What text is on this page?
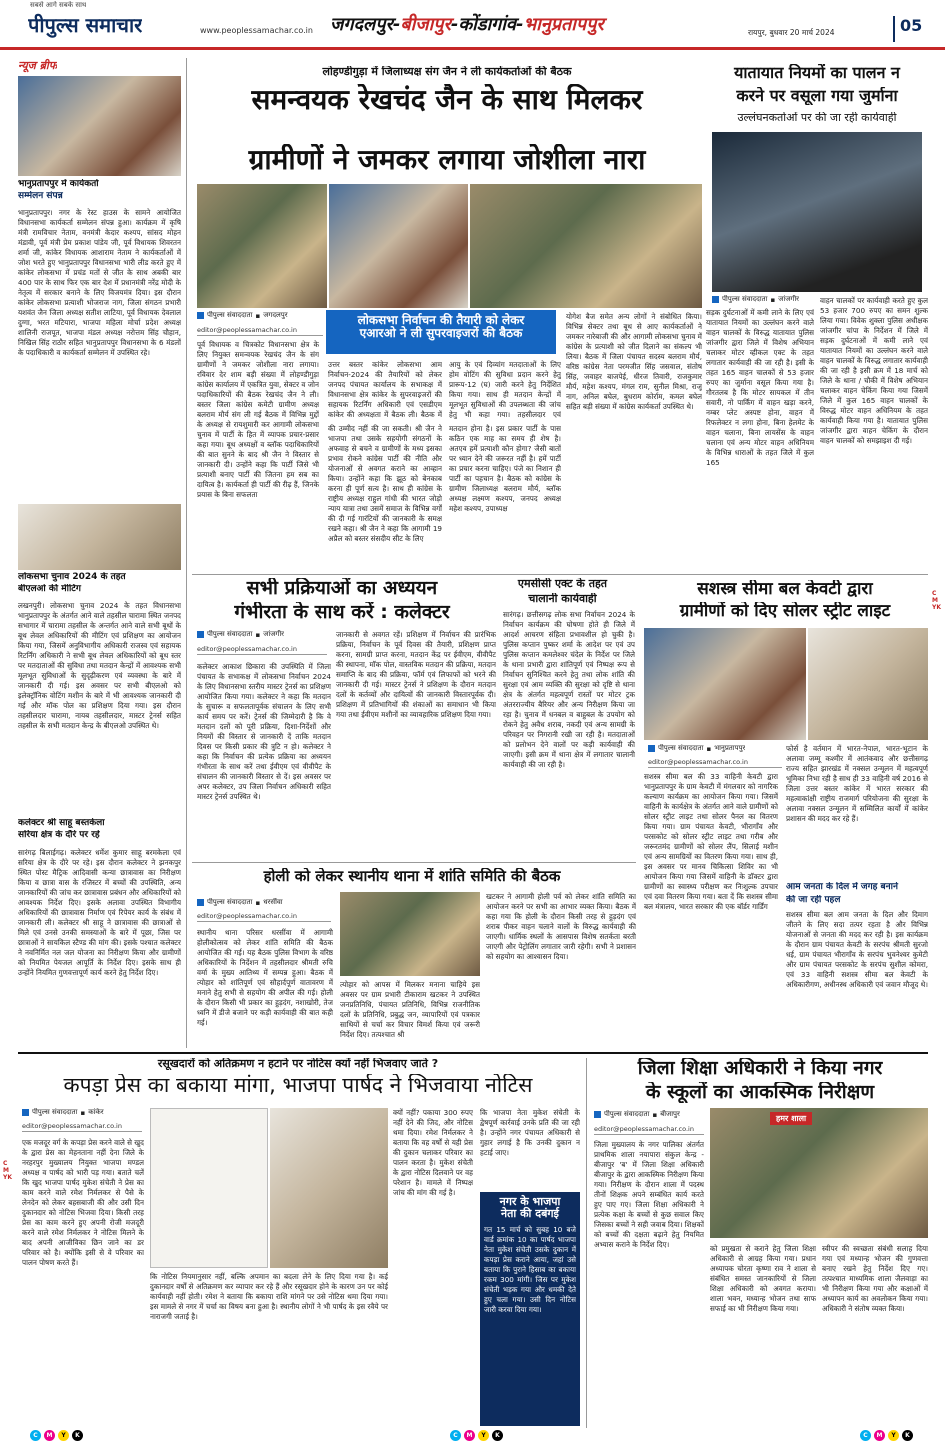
सबसे आगे सबके साथ
पीपुल्स समाचार	www.peoplessamachar.co.in जगदलपुर-बीजापुर-कोंडागांव-भानुप्रतापपुर	रायपुर, बुधवार 20 मार्च 2024	05
न्यूज ब्रीफ
भानुप्रतापपुर में कार्यकर्ता
सम्मेलन संपन्न
भानुप्रतापपुर। नगर के रेस्ट हाउस के सामने आयोजित विधानसभा कार्यकर्ता सम्मेलन संपन्न हुआ। कार्यक्रम में कृषि मंत्री रामविचार नेताम, वनमंत्री केदार कश्यप, सांसद मोहन मंडावी, पूर्व मंत्री प्रेम प्रकाश पांडेय जी, पूर्व विधायक शिवरतन शर्मा जी, कांकेर विधायक आशाराम नेताम ने कार्यकर्ताओं में जोश भरते हुए भानुप्रतापपुर विधानसभा भारी लीड करते हुए में कांकेर लोकसभा में प्रचंड मतों से जीत के साथ अबकी बार 400 पार के साथ फिर एक बार देश में प्रधानमंत्री नरेंद्र मोदी के नेतृत्व में सरकार बनाने के लिए विजयमंत्र दिया। इस दौरान कांकेर लोकसभा प्रत्याशी भोजराज नाग, जिला संगठन प्रभारी यशवंत जैन जिला अध्यक्ष सतीश लाटिया, पूर्व विधायक देवलाल दुग्गा, भरत मटियारा, भाजपा महिला मोर्चा प्रदेश अध्यक्ष शालिनी राजपूत, भाजपा मंडल अध्यक्ष नरोत्तम सिंह चौहान, निखिल सिंह राठौर सहित भानुप्रतापपुर विधानसभा के 6 मंडलों के पदाधिकारी व कार्यकर्ता सम्मेलन में उपस्थित रहे।
लोकसभा चुनाव 2024 के तहत
बीएलओ की मीटिंग
लखनपुरी। लोकसभा चुनाव 2024 के तहत विधानसभा भानुप्रतापपुर के अंतर्गत आने वाले तहसील चारामा स्थित जनपद सभागार में चारामा तहसील के अन्तर्गत आने वाले सभी बूथों के बूथ लेवल अधिकारियों की मीटिंग एवं प्रशिक्षण का आयोजन किया गया, जिसमें अनुविभागीय अधिकारी राजस्व एवं सहायक रिटर्निंग अधिकारी ने सभी बूथ लेवल अधिकारियों को बूथ स्तर पर मतदाताओं की सुविधा तथा मतदान केन्द्रों में आवश्यक सभी मूलभूत सुविधाओं के सुदृढ़ीकरण एवं व्यवस्था के बारे में जानकारी दी गई। इस अवसर पर सभी बीएलओ को इलेक्ट्रॉनिक वोटिंग मशीन के बारे में भी आवश्यक जानकारी दी गई और मॉक पोल का प्रशिक्षण दिया गया। इस दौरान तहसीलदार चारामा, नायब तहसीलदार, मास्टर ट्रेनर्स सहित तहसील के सभी मतदान केन्द्र के बीएलओ उपस्थित थे।
कलेक्टर श्री साहू बस्तकेला
सरिया क्षेत्र के दौरे पर रहे
सारंगढ़ बिलाईगढ़। कलेक्टर धर्मेश कुमार साहू बरमकेला एवं सरिया क्षेत्र के दौरे पर रहे। इस दौरान कलेक्टर ने झनकपुर स्थित पोस्ट मैट्रिक आदिवासी कन्या छात्रावास का निरीक्षण किया व छात्रा वास के रजिस्टर में बच्चों की उपस्थिति, अन्य जानकारियों की जांच कर छात्रावास प्रबंधन और अधिकारियों को आवश्यक निर्देश दिए। इसके अलावा उपस्थित विभागीय अधिकारियों की छात्रावास निर्माण एवं रिपेयर कार्य के संबंध में जानकारी ली। कलेक्टर श्री साहू ने छात्रावास की छात्राओं से मिले एवं उनसे उनकी समस्याओं के बारे में पूछा, जिस पर छात्राओं ने सायकिल स्टैण्ड की मांग की। इसके पश्चात कलेक्टर ने नवनिर्मित नल जल योजना का निरीक्षण किया और ग्रामीणों को नियमित पेयजल आपूर्ति के निर्देश दिए। इसके साथ ही उन्होंने नियमित गुणवत्तापूर्ण कार्य करने हेतु निर्देश दिए।
लोहण्डीगुड़ा में जिलाध्यक्ष संग जैन ने ली कार्यकर्ताओं की बैठक
समन्वयक रेखचंद जैन के साथ मिलकर
ग्रामीणों ने जमकर लगाया जोशीला नारा
पीपुल्स संवाददाता ▪ जगदलपुर
editor@peoplessamachar.co.in
लोकसभा निर्वाचन की तैयारी को लेकर
एआरओ ने ली सुपरवाइजरों की बैठक
पूर्व विधायक व चित्रकोट विधानसभा क्षेत्र के लिए नियुक्त समन्वयक रेखचंद जैन के संग ग्रामीणों ने जमकर जोशीला नारा लगाया। रविवार देर शाम बड़ी संख्या में लोहण्डीगुड़ा कांग्रेस कार्यालय में एकत्रित युवा, सेक्टर व जोन पदाधिकारियों की बैठक रेखचंद जैन ने ली। बस्तर जिला कांग्रेस कमेटी ग्रामीण अध्यक्ष बलराम मौर्य संग ली गई बैठक में विभिन्न मुद्दों के अध्यक्ष से रायशुमारी कर आगामी लोकसभा चुनाव में पार्टी के हित में व्यापक प्रचार-प्रसार कहा गया। बूथ अध्यक्षों व ब्लॉक पदाधिकारियों की बात सुनने के बाद श्री जैन ने विस्तार से जानकारी दी। उन्होंने कहा कि पार्टी जिसे भी प्रत्याशी बनाए पार्टी की जितना हम सब का दायित्व है। कार्यकर्ता ही पार्टी की रीढ़ हैं, जिनके प्रयास के बिना सफलता
उत्तर बस्तर कांकेर लोकसभा आम निर्वाचन-2024 की तैयारियों को लेकर जनपद पंचायत कार्यालय के सभाकक्ष में विधानसभा क्षेत्र कांकेर के सुपरवाइजरों की सहायक रिटर्निंग अधिकारी एवं एसडीएम कांकेर की अध्यक्षता में बैठक ली। बैठक में
आयु के एवं दिव्यांग मतदाताओं के लिए होम वोटिंग की सुविधा प्रदान करने हेतु प्रारूप-12 (घ) जारी करने हेतु निर्देशित किया गया। साथ ही मतदान केन्द्रों में मूलभूत सुविधाओं की उपलब्धता की जांच हेतु भी कहा गया। तहसीलदार एवं
की उम्मीद नहीं की जा सकती। श्री जैन ने भाजपा तथा उसके सहयोगी संगठनों के अफवाह से बचने व ग्रामीणों के मध्य इसका प्रभाव रोकने कांग्रेस पार्टी की नीति और योजनाओं से अवगत कराने का आव्हान किया। उन्होंने कहा कि झूठ को बेनकाब करना ही पूर्ण सत्य है। साथ ही कांग्रेस के राष्ट्रीय अध्यक्ष राहुल गांधी की भारत जोड़ो न्याय यात्रा तथा उसमें समाज के विभिन्न वर्गों की दी गई गारंटियों की जानकारी के समक्ष रखने कहा। श्री जैन ने कहा कि आगामी 19 अप्रैल को बस्तर संसदीय सीट के लिए
मतदान होना है। इस प्रकार पार्टी के पास कठिन एक माह का समय ही शेष है। अतएव हमें प्रत्याशी कौन होगा? जैसी बातों पर ध्यान देने की जरूरत नहीं है। हमें पार्टी का प्रचार करना चाहिए। पंजे का निशान ही पार्टी का पहचान है। बैठक को कांग्रेस के ग्रामीण जिलाध्यक्ष बलराम मौर्य, ब्लॉक अध्यक्ष लक्ष्मण कश्यप, जनपद अध्यक्ष महेश कश्यप, उपाध्यक्ष
योगेश बैज समेत अन्य लोगों ने संबोधित किया। विभिन्न सेक्टर तथा बूथ से आए कार्यकर्ताओं ने जमकर नारेबाजी की और आगामी लोकसभा चुनाव में कांग्रेस के प्रत्याशी को जीत दिलाने का संकल्प भी लिया। बैठक में जिला पंचायत सदस्य बलराम मौर्य, वरिष्ठ कांग्रेस नेता परमजीत सिंह जसवाल, संतोष सिंह, जवाहर बाजपेई, धीरज तिवारी, राजकुमार मौर्य, महेश कश्यप, मंगल राम, सुनील मिश्रा, राजू नाग, अनिल बघेल, बुधराम कोर्राम, कमल बघेल सहित बड़ी संख्या में कांग्रेस कार्यकर्ता उपस्थित थे।
यातायात नियमों का पालन न
करने पर वसूला गया जुर्माना
उल्लंघनकर्ताओं पर की जा रही कार्यवाही
पीपुल्स संवाददाता ▪ जांजगीर
सड़क दुर्घटनाओं में कमी लाने के लिए एवं यातायात नियमों का उल्लंघन करने वाले वाहन चालकों के विरुद्ध यातायात पुलिस जांजगीर द्वारा जिले में विशेष अभियान चलाकर मोटर व्हीकल एक्ट के तहत लगातार कार्यवाही की जा रही है। इसी के तहत 165 वाहन चालकों से 53 हजार रुपए का जुर्माना वसूल किया गया है। गौरतलब है कि मोटर सायकल में तीन सवारी, नो पार्किंग में वाहन खड़ा करने, नम्बर प्लेट अस्पष्ट होना, वाहन में रिफलेक्टर न लगा होना, बिना हेलमेट के वाहन चलाना, बिना लायसेंस के वाहन चलाना एवं अन्य मोटर वाहन अधिनियम के विभिन्न धाराओं के तहत जिले में कुल 165
वाहन चालकों पर कार्यवाही करते हुए कुल 53 हजार 700 रुपए का समन शुल्क लिया गया। विवेक शुक्ला पुलिस अधीक्षक जांजगीर चांपा के निर्देशन में जिले में सड़क दुर्घटनाओं में कमी लाने एवं यातायात नियमों का उल्लंघन करने वाले वाहन चालकों के विरुद्ध लगातार कार्यवाही की जा रही है इसी क्रम में 18 मार्च को जिले के थाना / चौकी में विशेष अभियान चलाकर वाहन चेकिंग किया गया जिसमें जिले में कुल 165 वाहन चालकों के विरुद्ध मोटर वाहन अधिनियम के तहत कार्यवाही किया गया है। यातायात पुलिस जांजगीर द्वारा वाहन चेकिंग के दौरान वाहन चालकों को समझाइश दी गई।
सभी प्रक्रियाओं का अध्ययन
गंभीरता के साथ करें : कलेक्टर
पीपुल्स संवाददाता ▪ जांजगीर
editor@peoplessamachar.co.in
कलेक्टर आकाश छिकारा की उपस्थिति में जिला पंचायत के सभाकक्ष में लोकसभा निर्वाचन 2024 के लिए विधानसभा स्तरीय मास्टर ट्रेनर्स का प्रशिक्षण आयोजित किया गया। कलेक्टर ने कहा कि मतदान के सुचारू व सफलतापूर्वक संचालन के लिए सभी कार्य समय पर करें। ट्रेनर्स की जिम्मेदारी है कि वे मतदान दलों को पूरी प्रक्रिया, दिशा-निर्देशों और नियमों की विस्तार से जानकारी दें ताकि मतदान दिवस पर किसी प्रकार की त्रुटि न हो। कलेक्टर ने कहा कि निर्वाचन की प्रत्येक प्रक्रिया का अध्ययन गंभीरता के साथ करें तथा ईवीएम एवं वीवीपैट के संचालन की जानकारी विस्तार से दें। इस अवसर पर अपर कलेक्टर, उप जिला निर्वाचन अधिकारी सहित मास्टर ट्रेनर्स उपस्थित थे।
जानकारी से अवगत रहें। प्रशिक्षण में निर्वाचन की प्रारंभिक प्रक्रिया, निर्वाचन के पूर्व दिवस की तैयारी, प्रशिक्षण प्राप्त करना, सामग्री प्राप्त करना, मतदान केंद्र पर ईवीएम, वीवीपैट की स्थापना, मॉक पोल, वास्तविक मतदान की प्रक्रिया, मतदान समाप्ति के बाद की प्रक्रिया, फॉर्म एवं लिफाफों को भरने की जानकारी दी गई। मास्टर ट्रेनर्स ने प्रशिक्षण के दौरान मतदान दलों के कर्तव्यों और दायित्वों की जानकारी विस्तारपूर्वक दी। प्रशिक्षण में प्रतिभागियों की शंकाओं का समाधान भी किया गया तथा ईवीएम मशीनों का व्यावहारिक प्रशिक्षण दिया गया।
एमसीसी एक्ट के तहत
चालानी कार्यवाही
सारंगढ़। छत्तीसगढ़ लोक सभा निर्वाचन 2024 के निर्वाचन कार्यक्रम की घोषणा होते ही जिले में आदर्श आचरण संहिता प्रभावशील हो चुकी है। पुलिस कप्तान पुष्कर शर्मा के आदेश पर एवं उप पुलिस कप्तान कमलेश्वर चंदेल के निर्देश पर जिले के थाना प्रभारी द्वारा शांतिपूर्ण एवं निष्पक्ष रूप से निर्वाचन सुनिश्चित करने हेतु तथा लोक शांति की सुरक्षा एवं आम व्यक्ति की सुरक्षा को दृष्टि से थाना क्षेत्र के अंतर्गत महत्वपूर्ण रास्तों पर मोटर ट्रक अंतरराज्यीय बैरियर और अन्य निरीक्षण किया जा रहा है। चुनाव में धनबल व बाहुबल के उपयोग को रोकने हेतु अवैध शराब, नकदी एवं अन्य सामग्री के परिवहन पर निगरानी रखी जा रही है। मतदाताओं को प्रलोभन देने वालों पर कड़ी कार्यवाही की जाएगी। इसी क्रम में थाना क्षेत्र में लगातार चालानी कार्यवाही की जा रही है।
सशस्त्र सीमा बल केवटी द्वारा
ग्रामीणों को दिए सोलर स्ट्रीट लाइट
पीपुल्स संवाददाता ▪ भानुप्रतापपुर
editor@peoplessamachar.co.in
सशस्त्र सीमा बल की 33 वाहिनी केवटी द्वारा भानुप्रतापपुर के ग्राम केवटी में मंगलवार को नागरिक कल्याण कार्यक्रम का आयोजन किया गया। जिसमें वाहिनी के कार्यक्षेत्र के अंतर्गत आने वाले ग्रामीणों को सोलर स्ट्रीट लाइट तथा सोलर पैनल का वितरण किया गया। ग्राम पंचायत केवटी, भीरागाँव और परसकोट को सोलर स्ट्रीट लाइट तथा गरीब और जरूरतमंद ग्रामीणों को सोलर लैंप, सिलाई मशीन एवं अन्य सामग्रियों का वितरण किया गया। साथ ही, इस अवसर पर मानव चिकित्सा शिविर का भी आयोजन किया गया जिसमें वाहिनी के डॉक्टर द्वारा ग्रामीणों का स्वास्थ्य परीक्षण कर निःशुल्क उपचार एवं दवा वितरण किया गया। बता दें कि सशस्त्र सीमा बल मंत्रालय, भारत सरकार की एक बॉर्डर गार्डिंग
फोर्स है वर्तमान में भारत-नेपाल, भारत-भूटान के अलावा जम्मू कश्मीर में आतंकवाद और छत्तीसगढ़ राज्य सहित झारखंड में नक्सल उन्मूलन में महत्वपूर्ण भूमिका निभा रही है साथ ही 33 वाहिनी वर्ष 2016 से जिला उत्तर बस्तर कांकेर में भारत सरकार की महत्वाकांक्षी राष्ट्रीय राजमार्ग परियोजना की सुरक्षा के अलावा नक्सल उन्मूलन में सम्मिलित कार्यों में कांकेर प्रशासन की मदद कर रहे हैं।
आम जनता के दिल में जगह बनाने
की जा रही पहल
सशस्त्र सीमा बल आम जनता के दिल और दिमाग जीतने के लिए सदा तत्पर रहता है और विभिन्न योजनाओं से जनता की मदद कर रही है। इस कार्यक्रम के दौरान ग्राम पंचायत केवटी के सरपंच श्रीमती सुरजो धई, ग्राम पंचायत भीरागाँव के सरपंच भुवनेश्वर कुमेटी और ग्राम पंचायत परसकोट के सरपंच सुशील कोमरा, एवं 33 वाहिनी सशस्त्र सीमा बल केवटी के अधिकारीगण, अधीनस्थ अधिकारी एवं जवान मौजूद थे।
होली को लेकर स्थानीय थाना में शांति समिति की बैठक
पीपुल्स संवाददाता ▪ धरसींवा
editor@peoplessamachar.co.in
स्थानीय थाना परिसर धरसींवा में आगामी होलीकोत्सव को लेकर शांति समिति की बैठक आयोजित की गई। यह बैठक पुलिस विभाग के वरिष्ठ अधिकारियों के निर्देशन में तहसीलदार श्रीमती रुचि वर्मा के मुख्य आतिथ्य में सम्पन्न हुआ। बैठक में त्योहार को शांतिपूर्ण एवं सौहार्दपूर्ण वातावरण में मनाने हेतु सभी से सहयोग की अपील की गई। होली के दौरान किसी भी प्रकार का हुड़दंग, नशाखोरी, तेज ध्वनि में डीजे बजाने पर कड़ी कार्यवाही की बात कही गई।
त्योहार को आपस में मिलकर मनाना चाहिये इस अवसर पर ग्राम प्रभारी टीकाराम खटकर ने उपस्थित जनप्रतिनिधि, पंचायत प्रतिनिधि, विभिन्न राजनीतिक दलों के प्रतिनिधि, प्रबुद्ध जन, व्यापारियों एवं पत्रकार साथियों से चर्चा कर विचार विमर्श किया एवं जरूरी निर्देश दिए। तत्पश्चात श्री
खटकर ने आगामी होली पर्व को लेकर शांति समिति का आयोजन करने पर सभी का आभार व्यक्त किया। बैठक में कहा गया कि होली के दौरान किसी तरह से हुड़दंग एवं शराब पीकर वाहन चलाने वालों के विरुद्ध कार्यवाही की जाएगी। धार्मिक स्थलों के आसपास विशेष सतर्कता बरती जाएगी और पेट्रोलिंग लगातार जारी रहेगी। सभी ने प्रशासन को सहयोग का आश्वासन दिया।
रसूखदारों को अतिक्रमण न हटाने पर नोटिस क्यों नहीं भिजवाए जाते ?
कपड़ा प्रेस का बकाया मांगा, भाजपा पार्षद ने भिजवाया नोटिस
पीपुल्स संवाददाता ▪ कांकेर
editor@peoplessamachar.co.in
एक मजदूर वर्ग के कपड़ा प्रेस करने वाले से खुद के द्वारा प्रेस का मेहनताना नहीं देना जिले के नरहरपुर मुख्यालय नियुक्त भाजपा मण्डल अध्यक्ष व पार्षद को भारी पड़ गया। बताते चलें कि खुद भाजपा पार्षद मुकेश संचेती ने प्रेस का काम करने वाले रमेश निर्मलकर से पैसे के लेनदेन को लेकर बहसबाजी की और उसी दिन दुकानदार को नोटिस भिजवा दिया। किसी तरह प्रेस का काम करने हुए अपनी रोजी मजदूरी करने वाले रमेश निर्मलकर ने नोटिस मिलने के बाद अपनी आजीविका छिन जाने का डर परिवार को है। क्योंकि इसी से वे परिवार का पालन पोषण करते हैं।
कि नोटिस नियमानुसार नहीं, बल्कि अपमान का बदला लेने के लिए दिया गया है। कई दुकानदार वर्षों से अतिक्रमण कर व्यापार कर रहे हैं और रसूखदार होने के कारण उन पर कोई कार्यवाही नहीं होती। रमेश ने बताया कि बकाया राशि मांगने पर उसे नोटिस थमा दिया गया। इस मामले से नगर में चर्चा का विषय बना हुआ है। स्थानीय लोगों ने भी पार्षद के इस रवैये पर नाराजगी जताई है।
क्यों नहीं? पकाया 300 रुपए नहीं देने की जिद, और नोटिस थमा दिया। रमेश निर्मलकर ने बताया कि वह वर्षों से यही प्रेस की दुकान चलाकर परिवार का पालन करता है। मुकेश संचेती के द्वारा नोटिस दिलवाने पर वह परेशान है। मामले में निष्पक्ष जांच की मांग की गई है।
कि भाजपा नेता मुकेश संचेती के द्वेषपूर्ण कार्रवाई उनके प्रति की जा रही है। उन्होंने नगर पंचायत अधिकारी से गुहार लगाई है कि उनकी दुकान न हटाई जाए।
नगर के भाजपा
नेता की दबंगई
गत 15 मार्च को सुबह 10 बजे वार्ड क्रमांक 10 का पार्षद भाजपा नेता मुकेश संचेती उसके दुकान में कपड़ा प्रेस कराने आया, जहां उसे बताया कि पुराने हिसाब का बकाया रकम 300 मांगी। जिस पर मुकेश संचेती भड़क गया और धमकी देते हुए चला गया। उसी दिन नोटिस जारी करवा दिया गया।
जिला शिक्षा अधिकारी ने किया नगर
के स्कूलों का आकस्मिक निरीक्षण
पीपुल्स संवाददाता ▪ बीजापुर
editor@peoplessamachar.co.in
हमर शाला
जिला मुख्यालय के नगर पालिका अंतर्गत प्राथमिक शाला नयापारा संकुल केन्द्र - बीजापुर 'ब' में जिला शिक्षा अधिकारी बीजापुर के द्वारा आकस्मिक निरीक्षण किया गया। निरीक्षण के दौरान शाला में पदस्थ तीनों शिक्षक अपने सम्बंधित कार्य करते हुए पाए गए। जिला शिक्षा अधिकारी ने प्रत्येक कक्षा के बच्चों से कुछ सवाल किए जिसका बच्चों ने सही जवाब दिया। शिक्षकों को बच्चों की दक्षता बढ़ाने हेतु नियमित अभ्यास कराने के निर्देश दिए।	को प्रमुखता से कराने हेतु जिला शिक्षा अधिकारी से आग्रह किया गया। प्रधान अध्यापक चोरता कृष्णा राव ने शाला से संबंधित समस्त जानकारियों से जिला शिक्षा अधिकारी को अवगत कराया। शाला भवन, मध्यान्ह भोजन तथा साफ सफाई का भी निरीक्षण किया गया।
स्वीपर की स्वच्छता संबंधी सलाह दिया गया एवं मध्यान्ह भोजन की गुणवत्ता बनाए रखने हेतु निर्देश दिए गए। तत्पश्चात माध्यमिक शाला जैलवाड़ा का भी निरीक्षण किया गया और कक्षाओं में अध्यापन कार्य का अवलोकन किया गया। अधिकारी ने संतोष व्यक्त किया।
C	M	Y	K	C	M	Y	K	C	M	Y	K
CMYK
CMYK
